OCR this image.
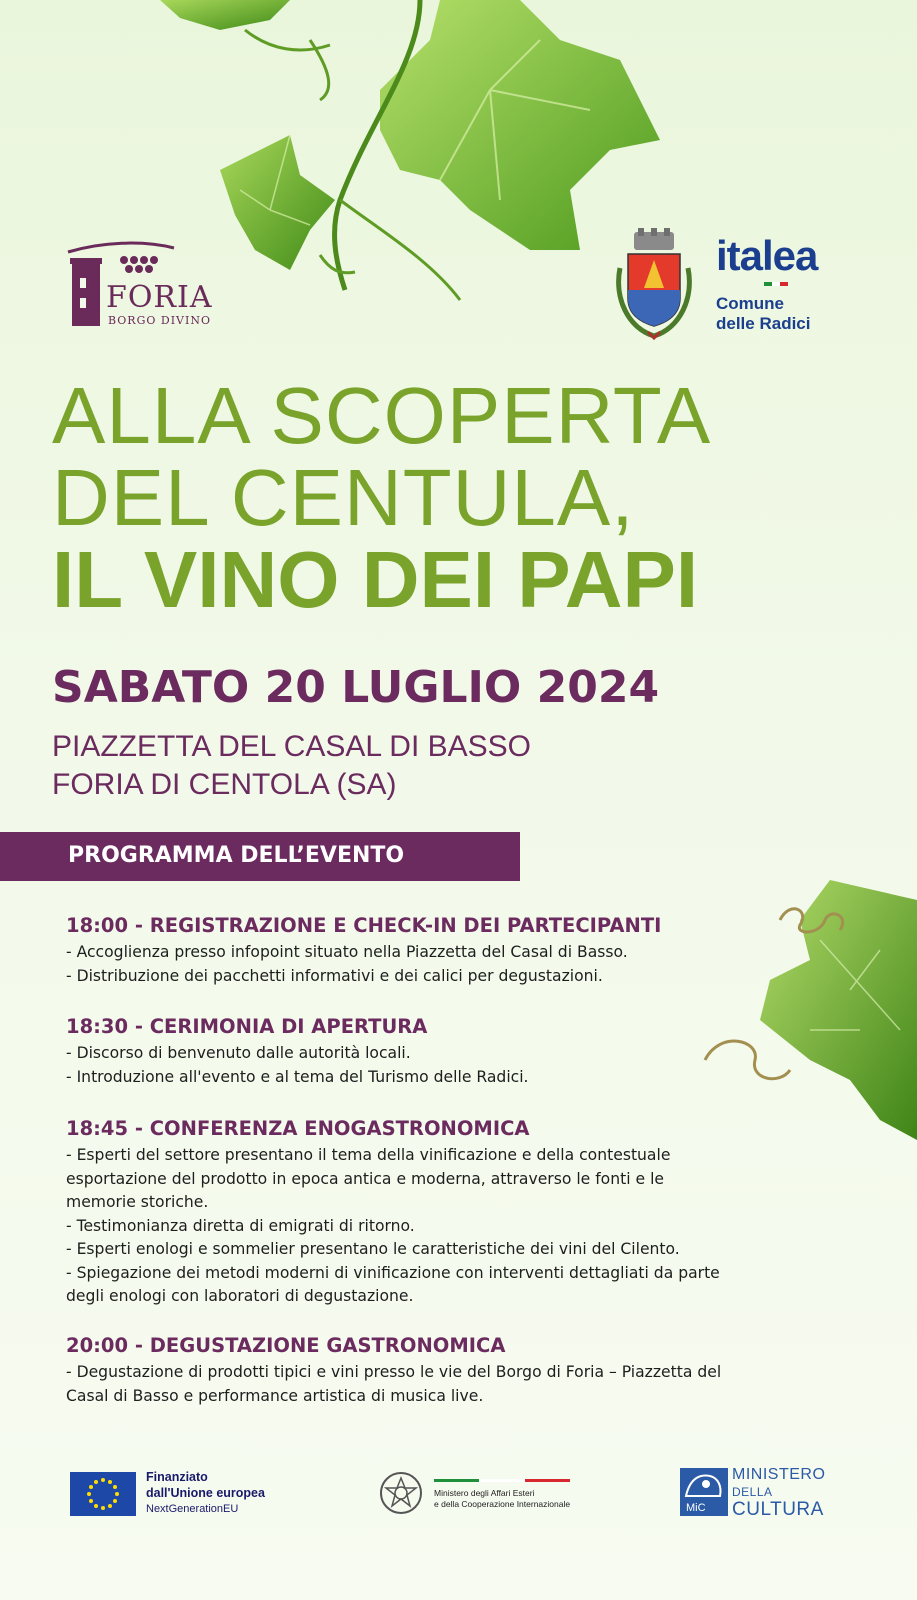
FORIA
BORGO DIVINO
italea
Comune
delle Radici
ALLA SCOPERTA
DEL CENTULA,
IL VINO DEI PAPI
SABATO 20 LUGLIO 2024
PIAZZETTA DEL CASAL DI BASSO
FORIA DI CENTOLA (SA)
PROGRAMMA DELL’EVENTO
18:00 - REGISTRAZIONE E CHECK-IN DEI PARTECIPANTI
- Accoglienza presso infopoint situato nella Piazzetta del Casal di Basso.
- Distribuzione dei pacchetti informativi e dei calici per degustazioni.
18:30 - CERIMONIA DI APERTURA
- Discorso di benvenuto dalle autorità locali.
- Introduzione all'evento e al tema del Turismo delle Radici.
18:45 - CONFERENZA ENOGASTRONOMICA
- Esperti del settore presentano il tema della vinificazione e della contestuale
esportazione del prodotto in epoca antica e moderna, attraverso le fonti e le
memorie storiche.
- Testimonianza diretta di emigrati di ritorno.
- Esperti enologi e sommelier presentano le caratteristiche dei vini del Cilento.
- Spiegazione dei metodi moderni di vinificazione con interventi dettagliati da parte
degli enologi con laboratori di degustazione.
20:00 - DEGUSTAZIONE GASTRONOMICA
- Degustazione di prodotti tipici e vini presso le vie del Borgo di Foria – Piazzetta del
Casal di Basso e performance artistica di musica live.
Finanziato
dall'Unione europea
NextGenerationEU
Ministero degli Affari Esteri
e della Cooperazione Internazionale	MiC
MINISTERO
DELLA
CULTURA
